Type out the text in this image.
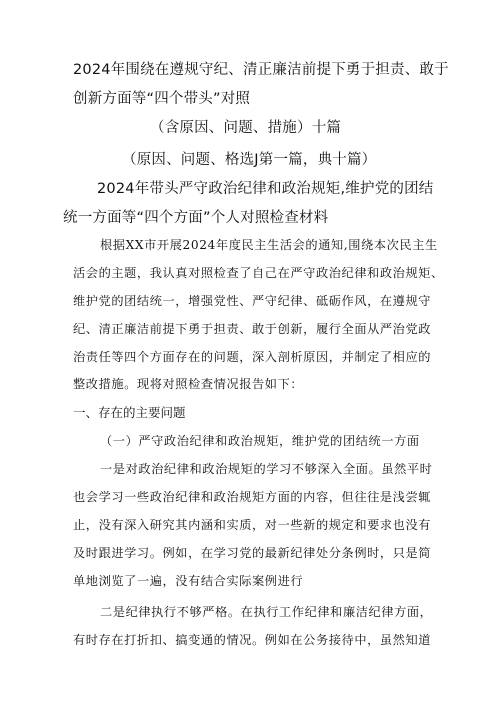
2024年围绕在遵规守纪、清正廉洁前提下勇于担责、敢于
创新方面等“四个带头”对照
（含原因、问题、措施）十篇
（原因、问题、格选J第一篇，典十篇）
2024年带头严守政治纪律和政治规矩,维护党的团结
统一方面等“四个方面”个人对照检查材料
根据XX市开展2024年度民主生活会的通知,围绕本次民主生
活会的主题，我认真对照检查了自己在严守政治纪律和政治规矩、
维护党的团结统一，增强党性、严守纪律、砥砺作风，在遵规守
纪、清正廉洁前提下勇于担责、敢于创新，履行全面从严治党政
治责任等四个方面存在的问题，深入剖析原因，并制定了相应的
整改措施。现将对照检查情况报告如下：
一、存在的主要问题
（一）严守政治纪律和政治规矩，维护党的团结统一方面
一是对政治纪律和政治规矩的学习不够深入全面。虽然平时
也会学习一些政治纪律和政治规矩方面的内容，但往往是浅尝辄
止，没有深入研究其内涵和实质，对一些新的规定和要求也没有
及时跟进学习。例如，在学习党的最新纪律处分条例时，只是简
单地浏览了一遍，没有结合实际案例进行
二是纪律执行不够严格。在执行工作纪律和廉洁纪律方面，
有时存在打折扣、搞变通的情况。例如在公务接待中，虽然知道
